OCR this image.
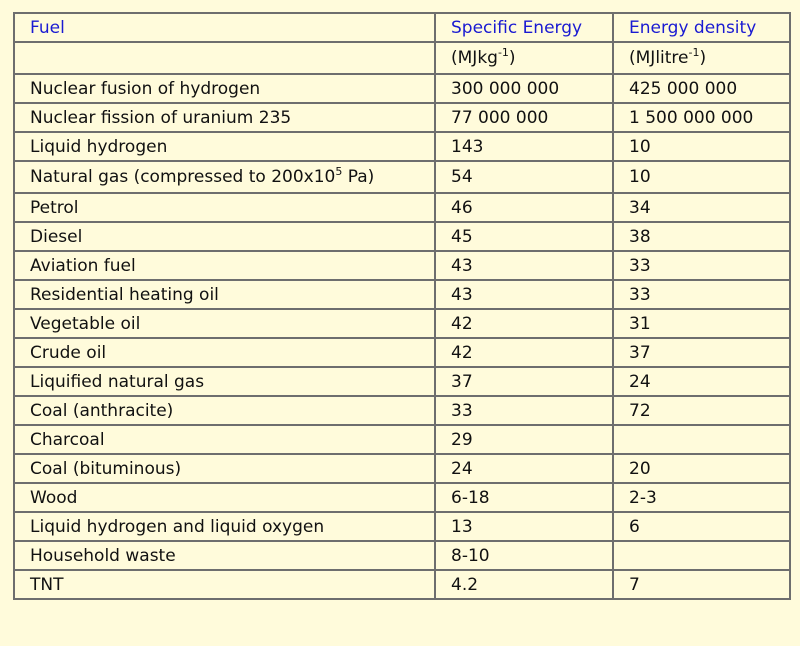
Fuel	Specific Energy	Energy density
	(MJkg$^{-1}$)	(MJlitre$^{-1}$)
Nuclear fusion of hydrogen	300 000 000	425 000 000
Nuclear fission of uranium 235	77 000 000	1 500 000 000
Liquid hydrogen	143	10
Natural gas (compressed to $200x10^5$ Pa)	54	10
Petrol	46	34
Diesel	45	38
Aviation fuel	43	33
Residential heating oil	43	33
Vegetable oil	42	31
Crude oil	42	37
Liquified natural gas	37	24
Coal (anthracite)	33	72
Charcoal	29	
Coal (bituminous)	24	20
Wood	6-18	2-3
Liquid hydrogen and liquid oxygen	13	6
Household waste	8-10	
TNT	4.2	7
